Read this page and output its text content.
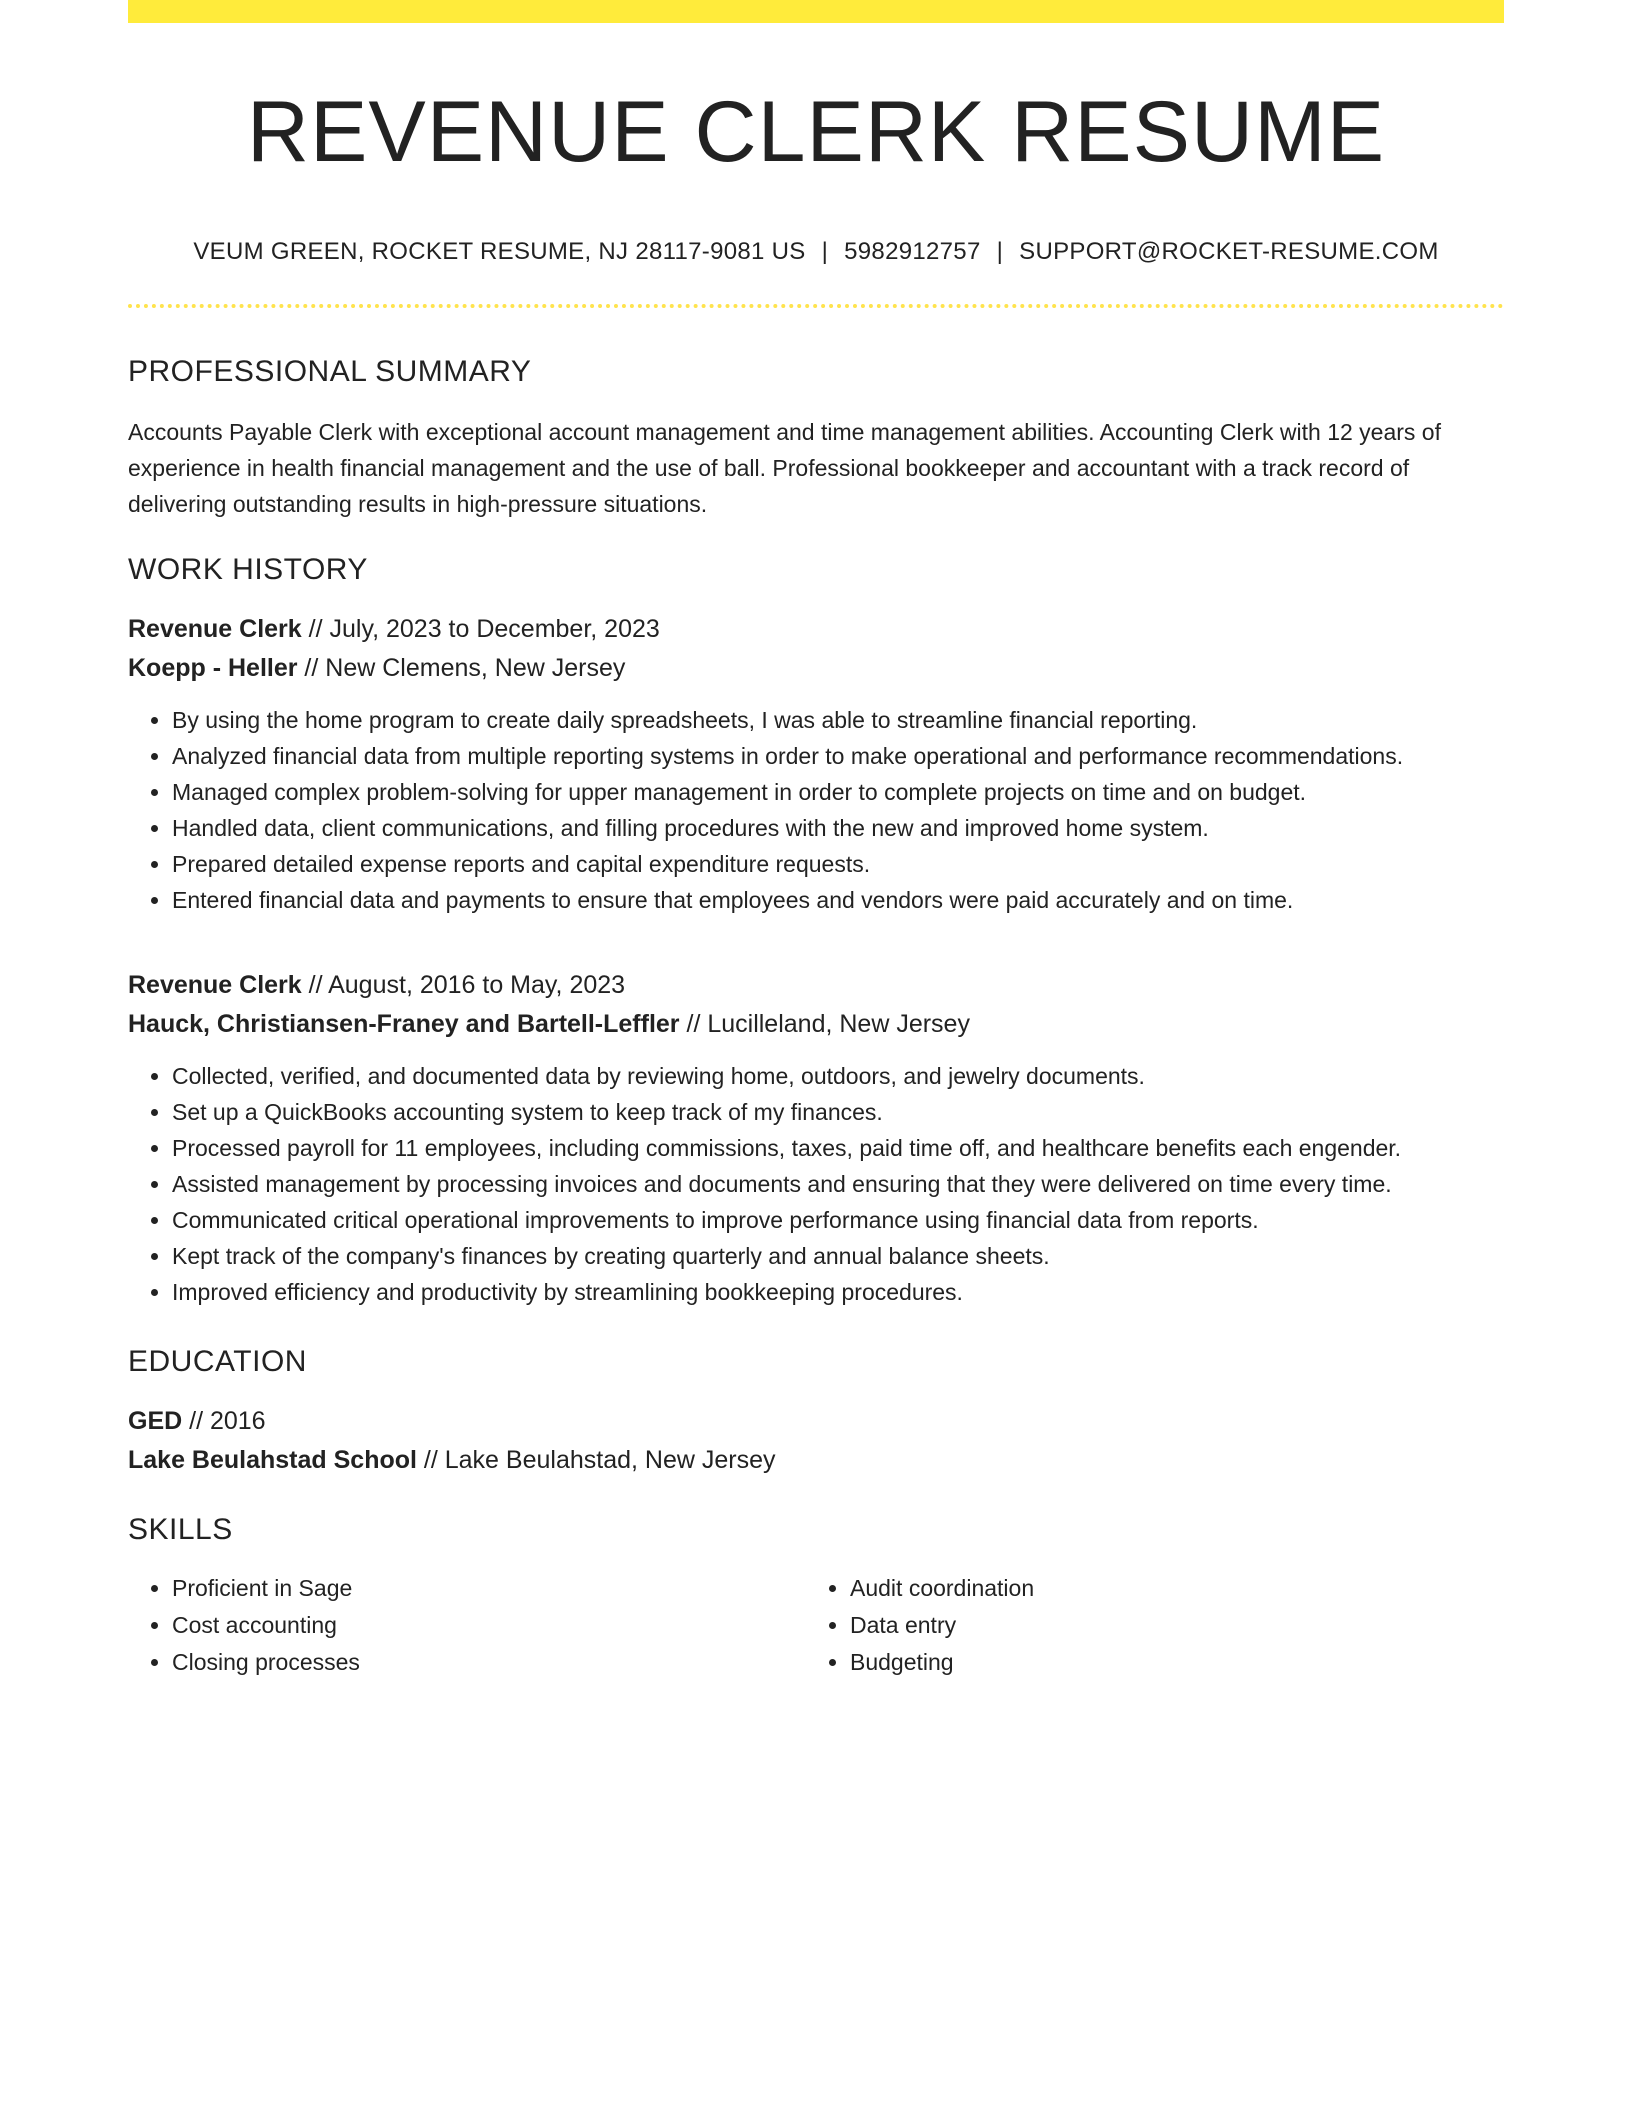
REVENUE CLERK RESUME
VEUM GREEN, ROCKET RESUME, NJ 28117-9081 US | 5982912757 | SUPPORT@ROCKET-RESUME.COM
PROFESSIONAL SUMMARY
Accounts Payable Clerk with exceptional account management and time management abilities. Accounting Clerk with 12 years of experience in health financial management and the use of ball. Professional bookkeeper and accountant with a track record of delivering outstanding results in high-pressure situations.
WORK HISTORY
Revenue Clerk // July, 2023 to December, 2023
Koepp - Heller // New Clemens, New Jersey
• By using the home program to create daily spreadsheets, I was able to streamline financial reporting.
• Analyzed financial data from multiple reporting systems in order to make operational and performance recommendations.
• Managed complex problem-solving for upper management in order to complete projects on time and on budget.
• Handled data, client communications, and filling procedures with the new and improved home system.
• Prepared detailed expense reports and capital expenditure requests.
• Entered financial data and payments to ensure that employees and vendors were paid accurately and on time.
Revenue Clerk // August, 2016 to May, 2023
Hauck, Christiansen-Franey and Bartell-Leffler // Lucilleland, New Jersey
• Collected, verified, and documented data by reviewing home, outdoors, and jewelry documents.
• Set up a QuickBooks accounting system to keep track of my finances.
• Processed payroll for 11 employees, including commissions, taxes, paid time off, and healthcare benefits each engender.
• Assisted management by processing invoices and documents and ensuring that they were delivered on time every time.
• Communicated critical operational improvements to improve performance using financial data from reports.
• Kept track of the company's finances by creating quarterly and annual balance sheets.
• Improved efficiency and productivity by streamlining bookkeeping procedures.
EDUCATION
GED // 2016
Lake Beulahstad School // Lake Beulahstad, New Jersey
SKILLS
• Proficient in Sage
• Cost accounting
• Closing processes
• Audit coordination
• Data entry
• Budgeting
